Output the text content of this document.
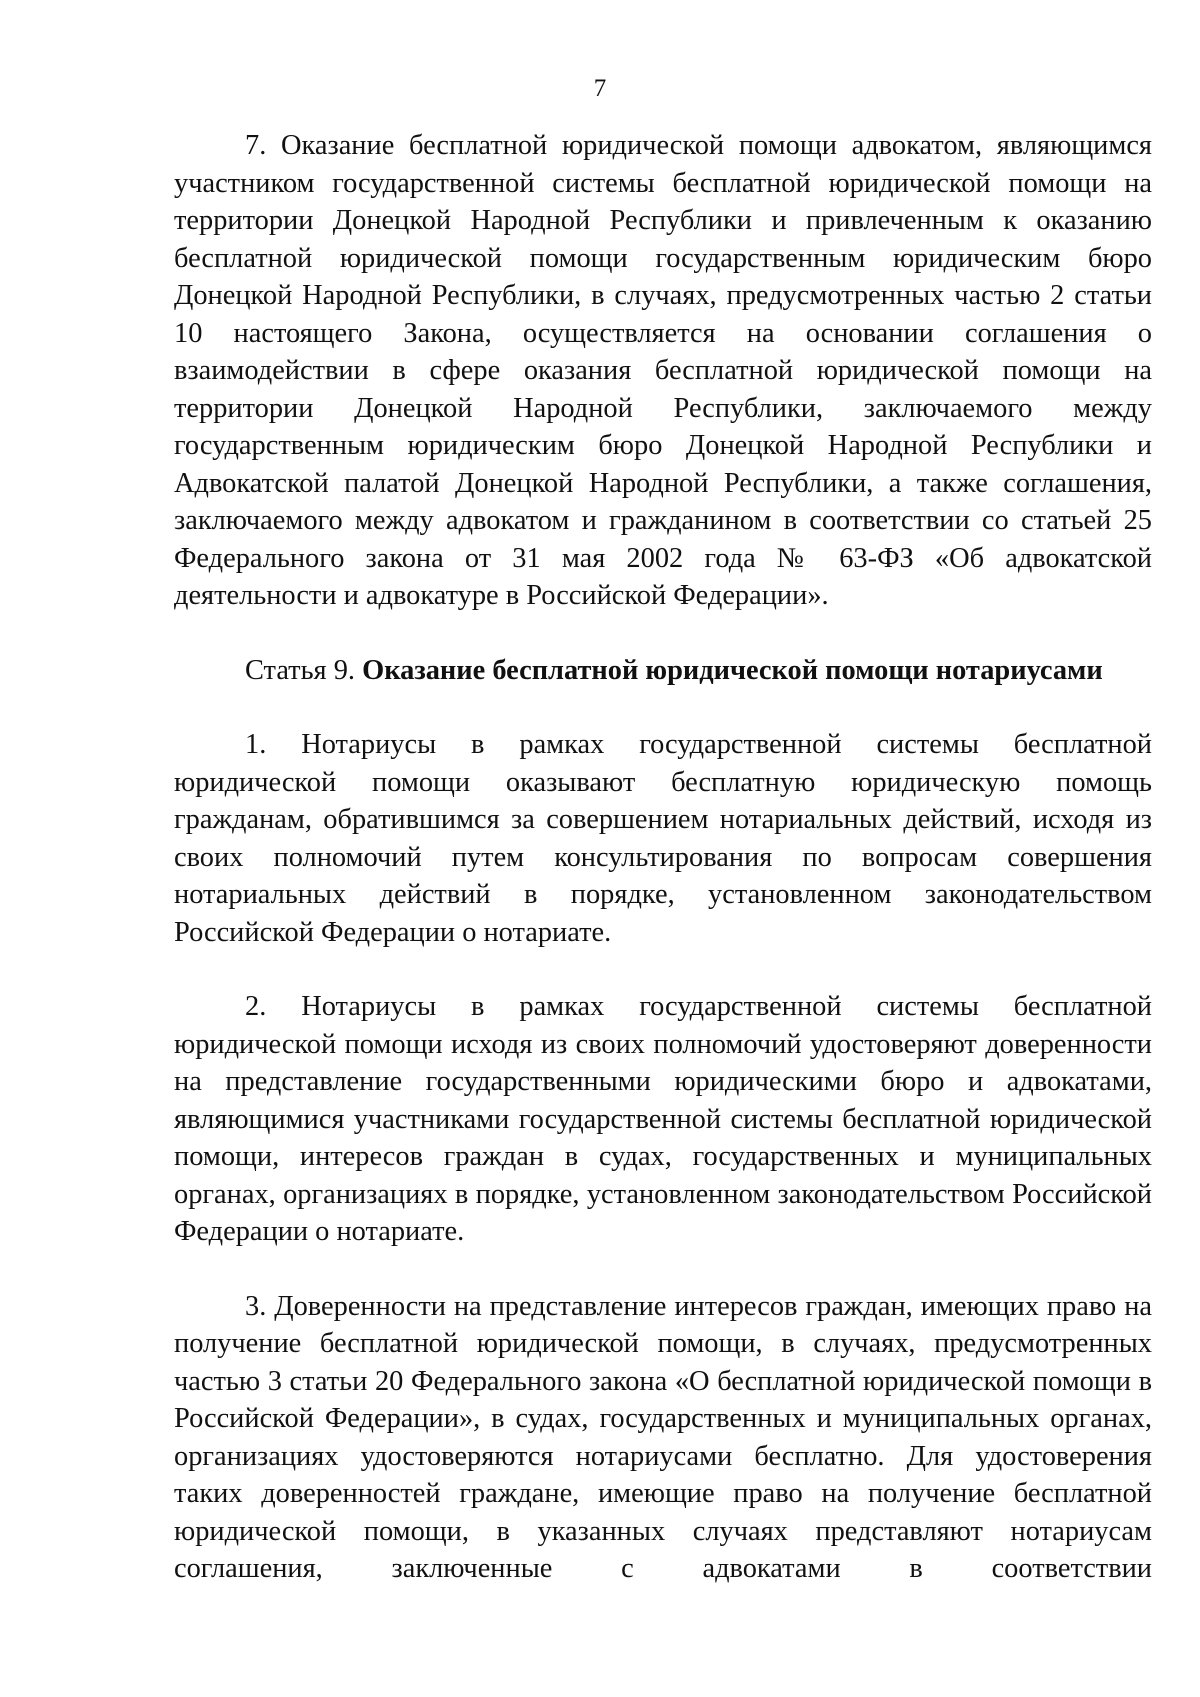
7

7. Оказание бесплатной юридической помощи адвокатом, являющимся участником государственной системы бесплатной юридической помощи на территории Донецкой Народной Республики и привлеченным к оказанию бесплатной юридической помощи государственным юридическим бюро Донецкой Народной Республики, в случаях, предусмотренных частью 2 статьи 10 настоящего Закона, осуществляется на основании соглашения о взаимодействии в сфере оказания бесплатной юридической помощи на территории Донецкой Народной Республики, заключаемого между государственным юридическим бюро Донецкой Народной Республики и Адвокатской палатой Донецкой Народной Республики, а также соглашения, заключаемого между адвокатом и гражданином в соответствии со статьей 25 Федерального закона от 31 мая 2002 года № 63-ФЗ «Об адвокатской деятельности и адвокатуре в Российской Федерации».

Статья 9. Оказание бесплатной юридической помощи нотариусами

1. Нотариусы в рамках государственной системы бесплатной юридической помощи оказывают бесплатную юридическую помощь гражданам, обратившимся за совершением нотариальных действий, исходя из своих полномочий путем консультирования по вопросам совершения нотариальных действий в порядке, установленном законодательством Российской Федерации о нотариате.

2. Нотариусы в рамках государственной системы бесплатной юридической помощи исходя из своих полномочий удостоверяют доверенности на представление государственными юридическими бюро и адвокатами, являющимися участниками государственной системы бесплатной юридической помощи, интересов граждан в судах, государственных и муниципальных органах, организациях в порядке, установленном законодательством Российской Федерации о нотариате.

3. Доверенности на представление интересов граждан, имеющих право на получение бесплатной юридической помощи, в случаях, предусмотренных частью 3 статьи 20 Федерального закона «О бесплатной юридической помощи в Российской Федерации», в судах, государственных и муниципальных органах, организациях удостоверяются нотариусами бесплатно. Для удостоверения таких доверенностей граждане, имеющие право на получение бесплатной юридической помощи, в указанных случаях представляют нотариусам соглашения, заключенные с адвокатами в соответствии
